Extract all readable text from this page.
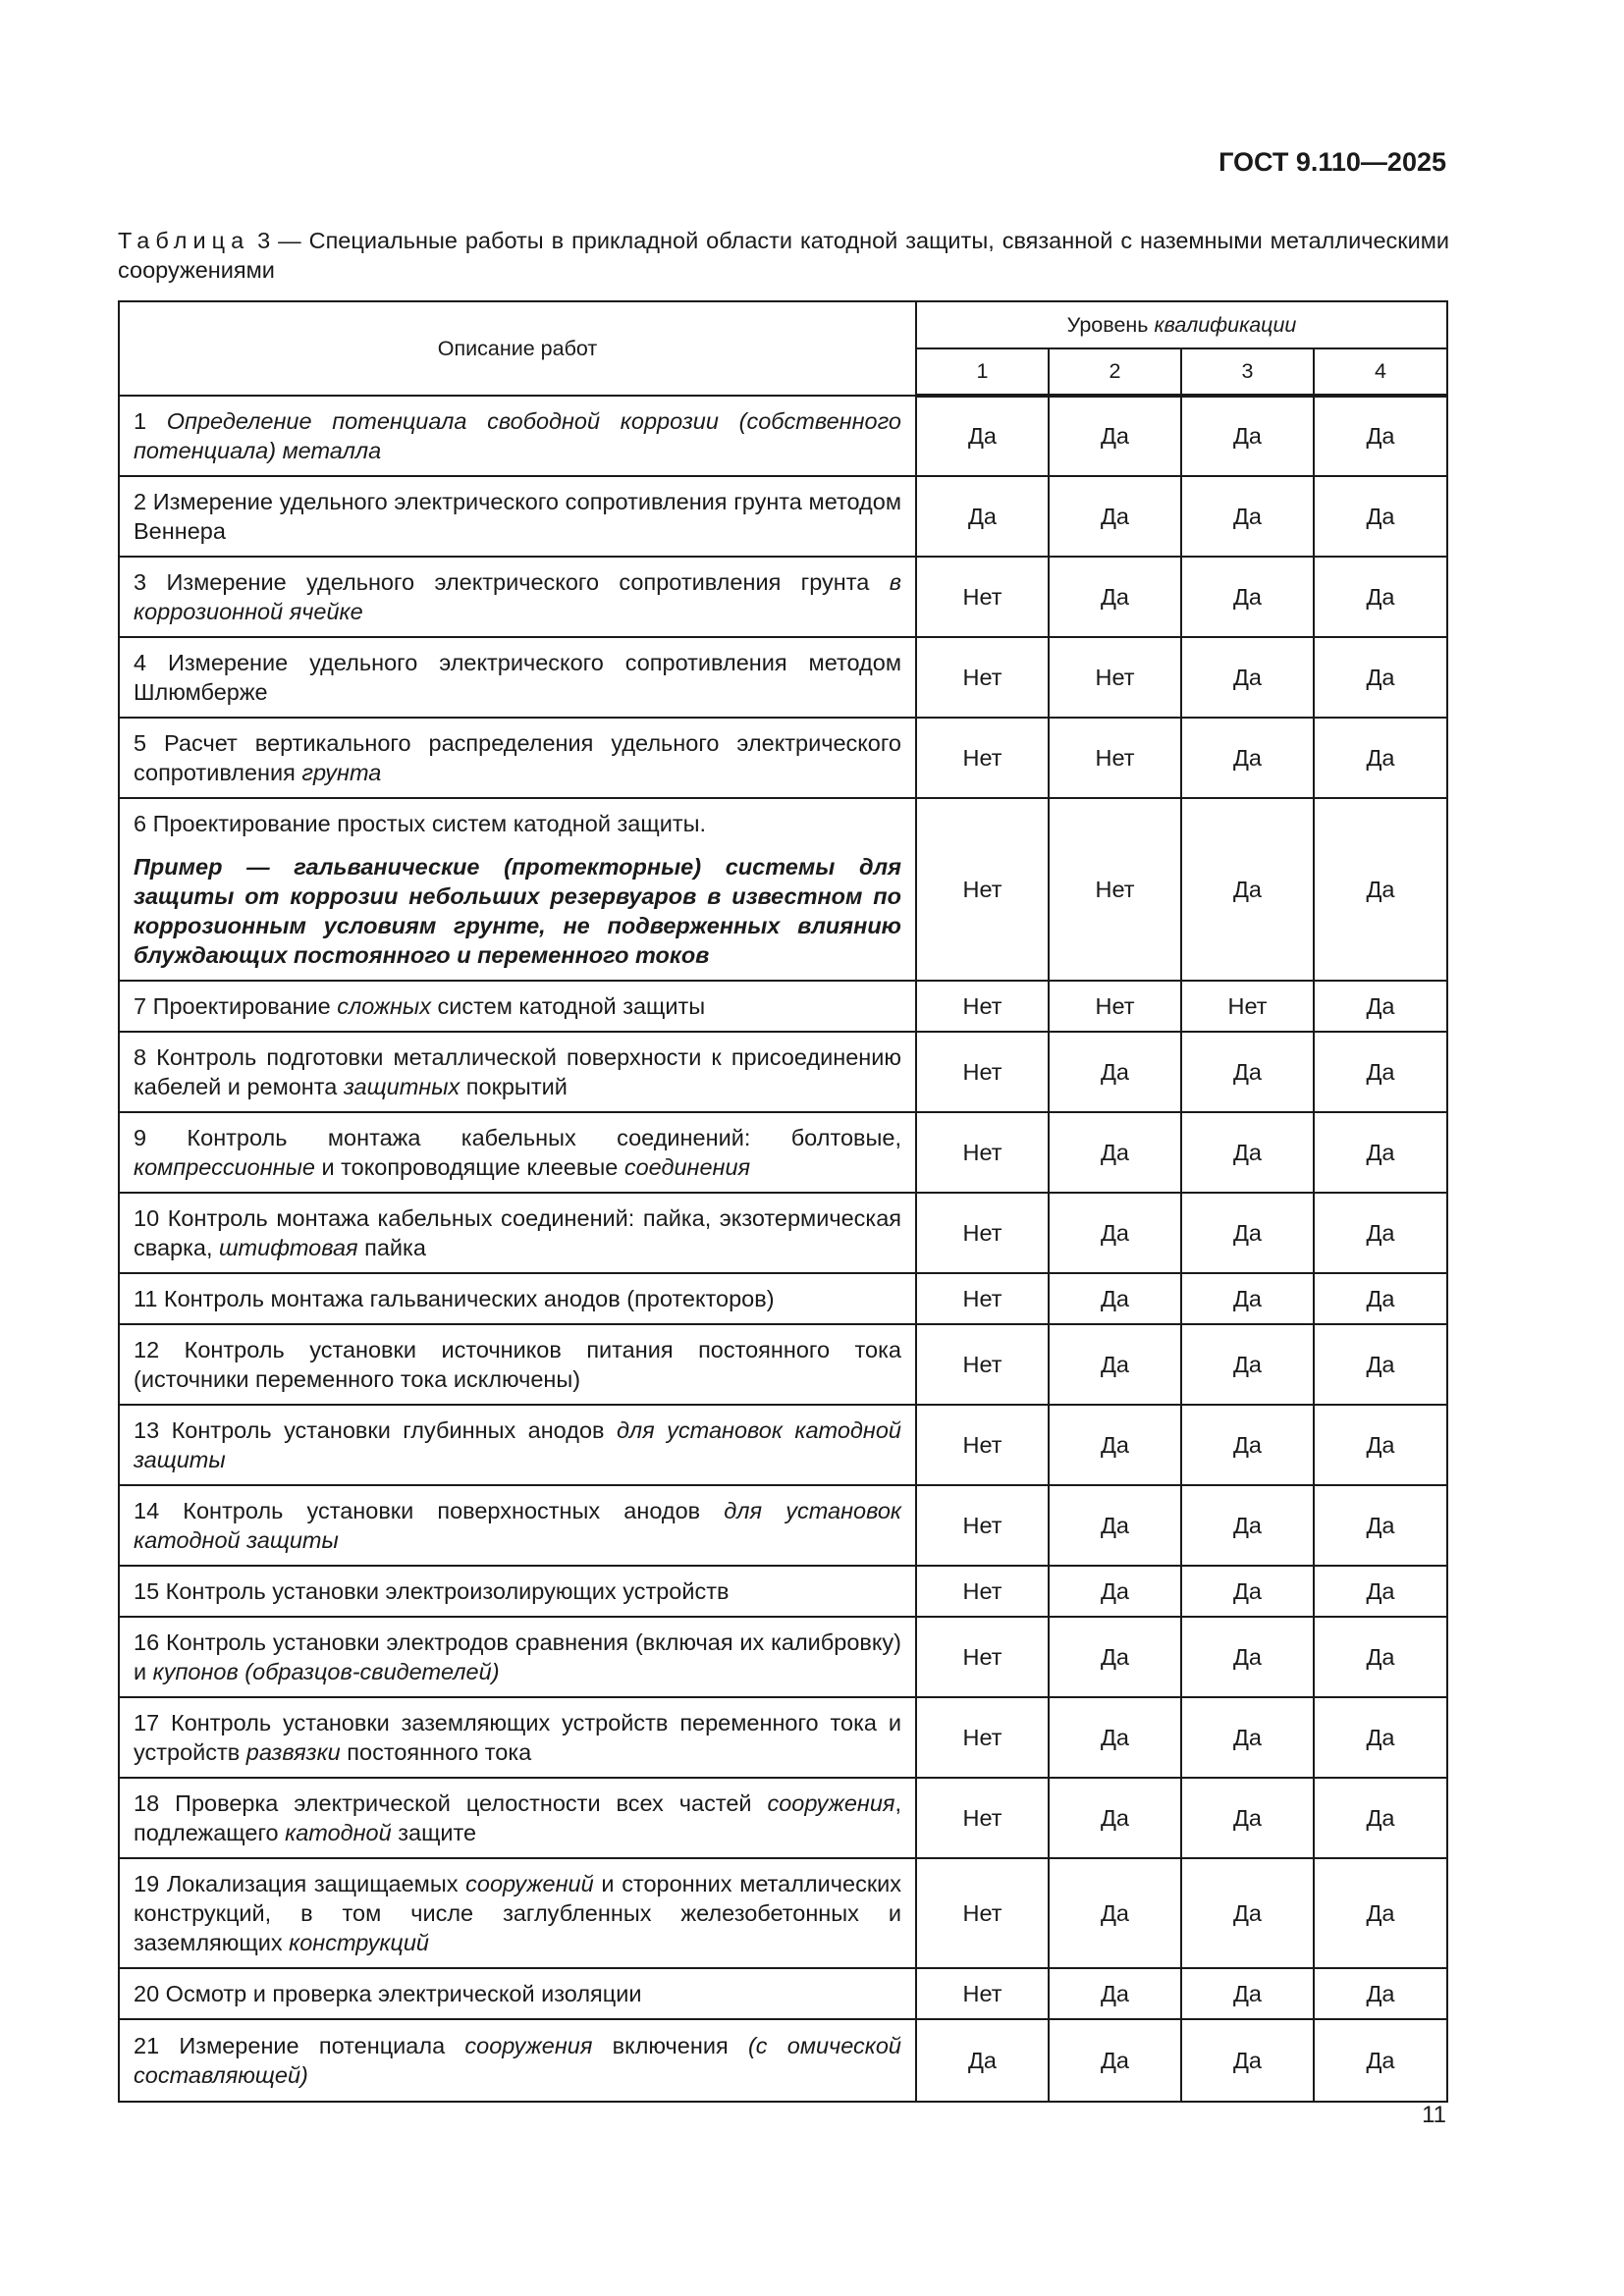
ГОСТ 9.110—2025
Таблица 3 — Специальные работы в прикладной области катодной защиты, связанной с наземными металлическими сооружениями
Описание работ	Уровень квалификации			
	1	2	3	4

1 Определение потенциала свободной коррозии (собственного потенциала) металла	Да	Да	Да	Да

2 Измерение удельного электрического сопротивления грунта методом Веннера	Да	Да	Да	Да

3 Измерение удельного электрического сопротивления грунта в коррозионной ячейке	Нет	Да	Да	Да

4 Измерение удельного электрического сопротивления методом Шлюмберже	Нет	Нет	Да	Да

5 Расчет вертикального распределения удельного электрического сопротивления грунта	Нет	Нет	Да	Да

6 Проектирование простых систем катодной защиты.
Пример — гальванические (протекторные) системы для защиты от коррозии небольших резервуаров в известном по коррозионным условиям грунте, не подверженных влиянию блуждающих постоянного и переменного токов	Нет	Нет	Да	Да

7 Проектирование сложных систем катодной защиты	Нет	Нет	Нет	Да

8 Контроль подготовки металлической поверхности к присоединению кабелей и ремонта защитных покрытий	Нет	Да	Да	Да

9 Контроль монтажа кабельных соединений: болтовые, компрессионные и токопроводящие клеевые соединения	Нет	Да	Да	Да

10 Контроль монтажа кабельных соединений: пайка, экзотермическая сварка, штифтовая пайка	Нет	Да	Да	Да

11 Контроль монтажа гальванических анодов (протекторов)	Нет	Да	Да	Да

12 Контроль установки источников питания постоянного тока (источники переменного тока исключены)	Нет	Да	Да	Да

13 Контроль установки глубинных анодов для установок катодной защиты	Нет	Да	Да	Да

14 Контроль установки поверхностных анодов для установок катодной защиты	Нет	Да	Да	Да

15 Контроль установки электроизолирующих устройств	Нет	Да	Да	Да

16 Контроль установки электродов сравнения (включая их калибровку) и купонов (образцов-свидетелей)	Нет	Да	Да	Да

17 Контроль установки заземляющих устройств переменного тока и устройств развязки постоянного тока	Нет	Да	Да	Да

18 Проверка электрической целостности всех частей сооружения, подлежащего катодной защите	Нет	Да	Да	Да

19 Локализация защищаемых сооружений и сторонних металлических конструкций, в том числе заглубленных железобетонных и заземляющих конструкций	Нет	Да	Да	Да

20 Осмотр и проверка электрической изоляции	Нет	Да	Да	Да

21 Измерение потенциала сооружения включения (с омической составляющей)	Да	Да	Да	Да
11
